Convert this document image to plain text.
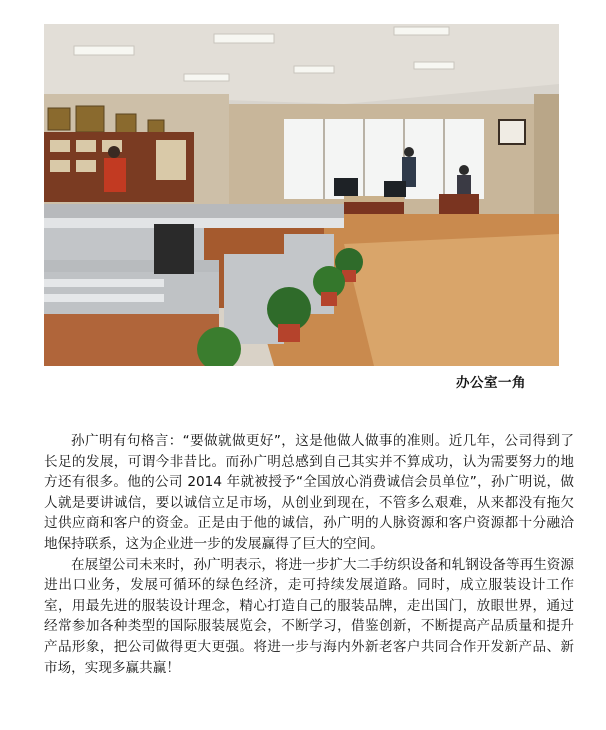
办公室一角

孙广明有句格言：“要做就做更好”，这是他做人做事的准则。近几年，公司得到了长足的发展，可谓今非昔比。而孙广明总感到自己其实并不算成功，认为需要努力的地方还有很多。他的公司 2014 年就被授予“全国放心消费诚信会员单位”，孙广明说，做人就是要讲诚信，要以诚信立足市场，从创业到现在，不管多么艰难，从来都没有拖欠过供应商和客户的资金。正是由于他的诚信，孙广明的人脉资源和客户资源都十分融洽地保持联系，这为企业进一步的发展赢得了巨大的空间。

在展望公司未来时，孙广明表示，将进一步扩大二手纺织设备和轧钢设备等再生资源进出口业务，发展可循环的绿色经济，走可持续发展道路。同时，成立服装设计工作室，用最先进的服装设计理念，精心打造自己的服装品牌，走出国门，放眼世界，通过经常参加各种类型的国际服装展览会，不断学习，借鉴创新，不断提高产品质量和提升产品形象，把公司做得更大更强。将进一步与海内外新老客户共同合作开发新产品、新市场，实现多赢共赢！
